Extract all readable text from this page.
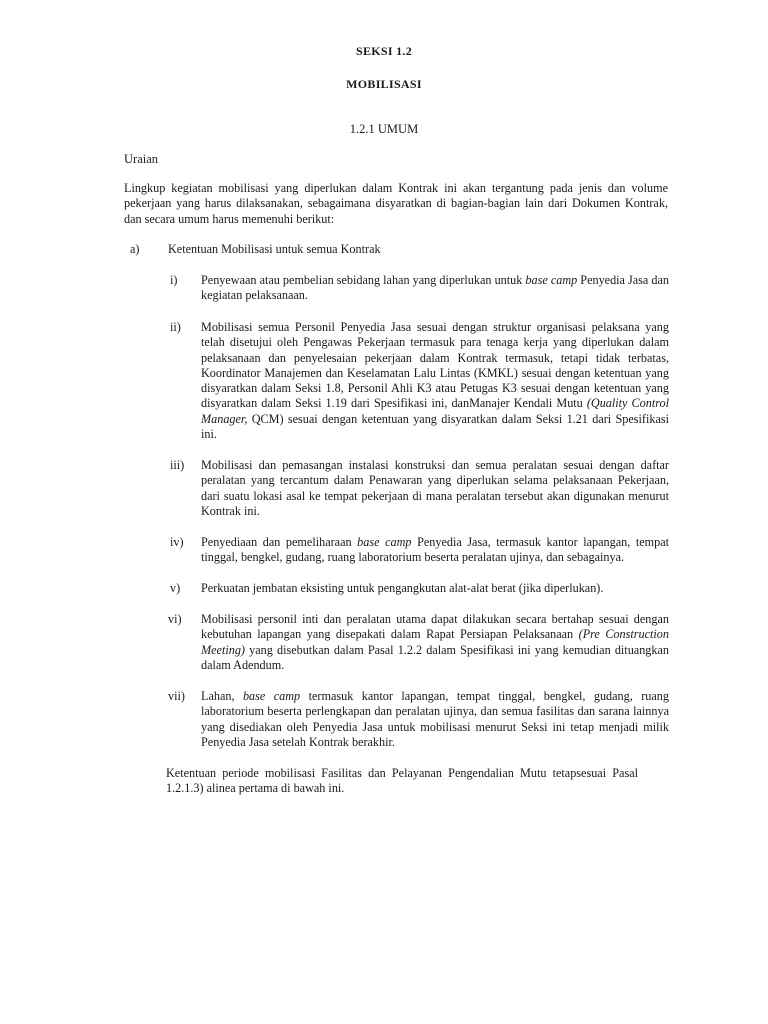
SEKSI 1.2
MOBILISASI
1.2.1 UMUM
Uraian
Lingkup kegiatan mobilisasi yang diperlukan dalam Kontrak ini akan tergantung pada jenis dan volume pekerjaan yang harus dilaksanakan, sebagaimana disyaratkan di bagian-bagian lain dari Dokumen Kontrak, dan secara umum harus memenuhi berikut:
a) Ketentuan Mobilisasi untuk semua Kontrak
i) Penyewaan atau pembelian sebidang lahan yang diperlukan untuk base camp Penyedia Jasa dan kegiatan pelaksanaan.
ii) Mobilisasi semua Personil Penyedia Jasa sesuai dengan struktur organisasi pelaksana yang telah disetujui oleh Pengawas Pekerjaan termasuk para tenaga kerja yang diperlukan dalam pelaksanaan dan penyelesaian pekerjaan dalam Kontrak termasuk, tetapi tidak terbatas, Koordinator Manajemen dan Keselamatan Lalu Lintas (KMKL) sesuai dengan ketentuan yang disyaratkan dalam Seksi 1.8, Personil Ahli K3 atau Petugas K3 sesuai dengan ketentuan yang disyaratkan dalam Seksi 1.19 dari Spesifikasi ini, danManajer Kendali Mutu (Quality Control Manager, QCM) sesuai dengan ketentuan yang disyaratkan dalam Seksi 1.21 dari Spesifikasi ini.
iii) Mobilisasi dan pemasangan instalasi konstruksi dan semua peralatan sesuai dengan daftar peralatan yang tercantum dalam Penawaran yang diperlukan selama pelaksanaan Pekerjaan, dari suatu lokasi asal ke tempat pekerjaan di mana peralatan tersebut akan digunakan menurut Kontrak ini.
iv) Penyediaan dan pemeliharaan base camp Penyedia Jasa, termasuk kantor lapangan, tempat tinggal, bengkel, gudang, ruang laboratorium beserta peralatan ujinya, dan sebagainya.
v) Perkuatan jembatan eksisting untuk pengangkutan alat-alat berat (jika diperlukan).
vi) Mobilisasi personil inti dan peralatan utama dapat dilakukan secara bertahap sesuai dengan kebutuhan lapangan yang disepakati dalam Rapat Persiapan Pelaksanaan (Pre Construction Meeting) yang disebutkan dalam Pasal 1.2.2 dalam Spesifikasi ini yang kemudian dituangkan dalam Adendum.
vii) Lahan, base camp termasuk kantor lapangan, tempat tinggal, bengkel, gudang, ruang laboratorium beserta perlengkapan dan peralatan ujinya, dan semua fasilitas dan sarana lainnya yang disediakan oleh Penyedia Jasa untuk mobilisasi menurut Seksi ini tetap menjadi milik Penyedia Jasa setelah Kontrak berakhir.
Ketentuan periode mobilisasi Fasilitas dan Pelayanan Pengendalian Mutu tetapsesuai Pasal 1.2.1.3) alinea pertama di bawah ini.
